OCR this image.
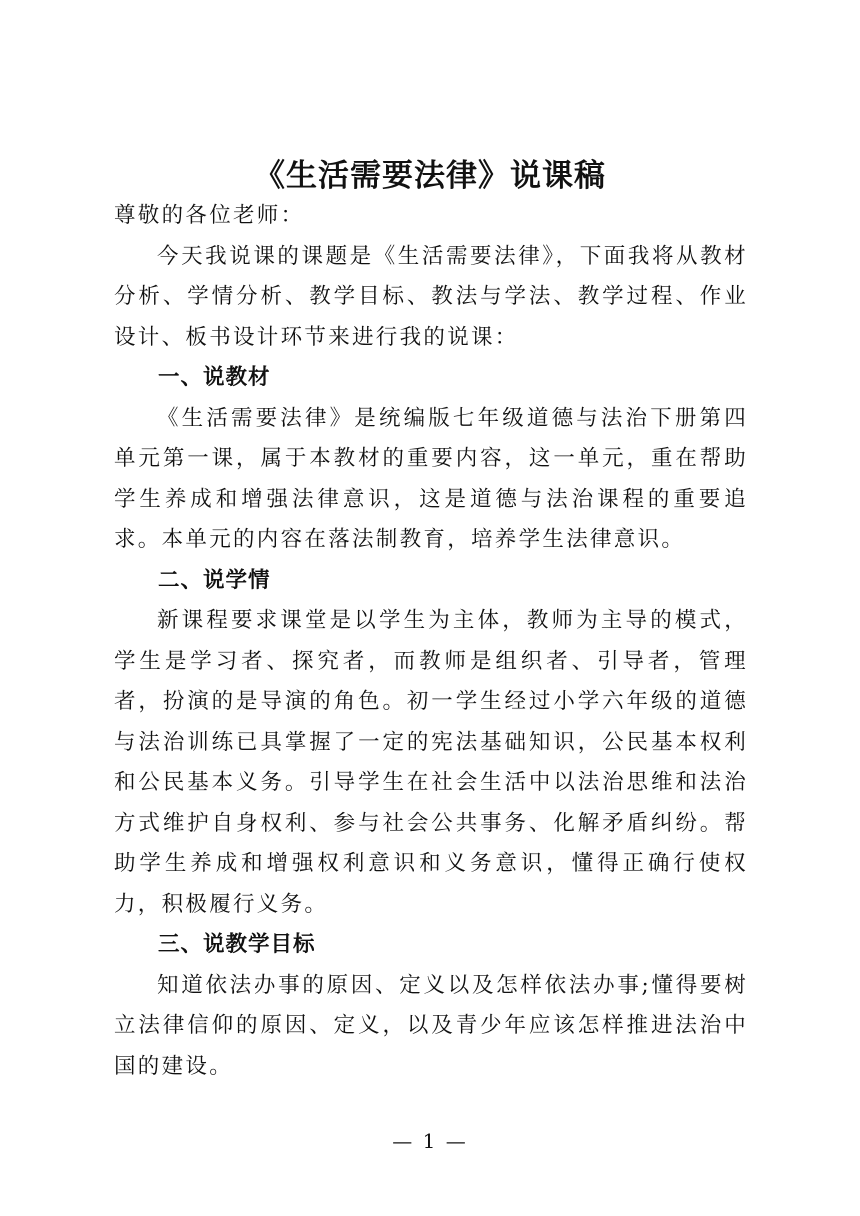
《生活需要法律》说课稿

尊敬的各位老师：

今天我说课的课题是《生活需要法律》，下面我将从教材分析、学情分析、教学目标、教法与学法、教学过程、作业设计、板书设计环节来进行我的说课：

一、说教材

《生活需要法律》是统编版七年级道德与法治下册第四单元第一课，属于本教材的重要内容，这一单元，重在帮助学生养成和增强法律意识，这是道德与法治课程的重要追求。本单元的内容在落法制教育，培养学生法律意识。

二、说学情

新课程要求课堂是以学生为主体，教师为主导的模式，学生是学习者、探究者，而教师是组织者、引导者，管理者，扮演的是导演的角色。初一学生经过小学六年级的道德与法治训练已具掌握了一定的宪法基础知识，公民基本权利和公民基本义务。引导学生在社会生活中以法治思维和法治方式维护自身权利、参与社会公共事务、化解矛盾纠纷。帮助学生养成和增强权利意识和义务意识，懂得正确行使权力，积极履行义务。

三、说教学目标

知道依法办事的原因、定义以及怎样依法办事;懂得要树立法律信仰的原因、定义，以及青少年应该怎样推进法治中国的建设。

— 1 —
